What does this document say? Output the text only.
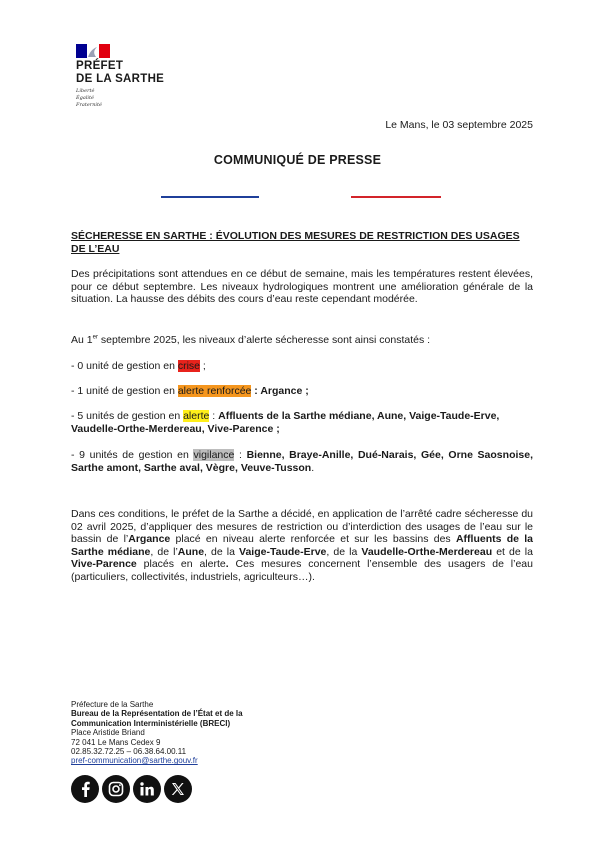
PRÉFET
DE LA SARTHE
Liberté
Égalité
Fraternité
Le Mans, le 03 septembre 2025
COMMUNIQUÉ DE PRESSE
SÉCHERESSE EN SARTHE : ÉVOLUTION DES MESURES DE RESTRICTION DES USAGES DE L’EAU
Des précipitations sont attendues en ce début de semaine, mais les températures restent élevées, pour ce début septembre. Les niveaux hydrologiques montrent une amélioration générale de la situation. La hausse des débits des cours d’eau reste cependant modérée.
Au 1er septembre 2025, les niveaux d’alerte sécheresse sont ainsi constatés :
- 0 unité de gestion en crise ;
- 1 unité de gestion en alerte renforcée : Argance ;
- 5 unités de gestion en alerte : Affluents de la Sarthe médiane, Aune, Vaige-Taude-Erve, Vaudelle-Orthe-Merdereau, Vive-Parence ;
- 9 unités de gestion en vigilance : Bienne, Braye-Anille, Dué-Narais, Gée, Orne Saosnoise, Sarthe amont, Sarthe aval, Vègre, Veuve-Tusson.
Dans ces conditions, le préfet de la Sarthe a décidé, en application de l’arrêté cadre sécheresse du 02 avril 2025, d’appliquer des mesures de restriction ou d’interdiction des usages de l’eau sur le bassin de l’Argance placé en niveau alerte renforcée et sur les bassins des Affluents de la Sarthe médiane, de l’Aune, de la Vaige-Taude-Erve, de la Vaudelle-Orthe-Merdereau et de la Vive-Parence placés en alerte. Ces mesures concernent l’ensemble des usagers de l’eau (particuliers, collectivités, industriels, agriculteurs…).
Préfecture de la Sarthe
Bureau de la Représentation de l’État et de la
Communication Interministérielle (BRECI)
Place Aristide Briand
72 041 Le Mans Cedex 9
02.85.32.72.25 – 06.38.64.00.11
pref-communication@sarthe.gouv.fr
